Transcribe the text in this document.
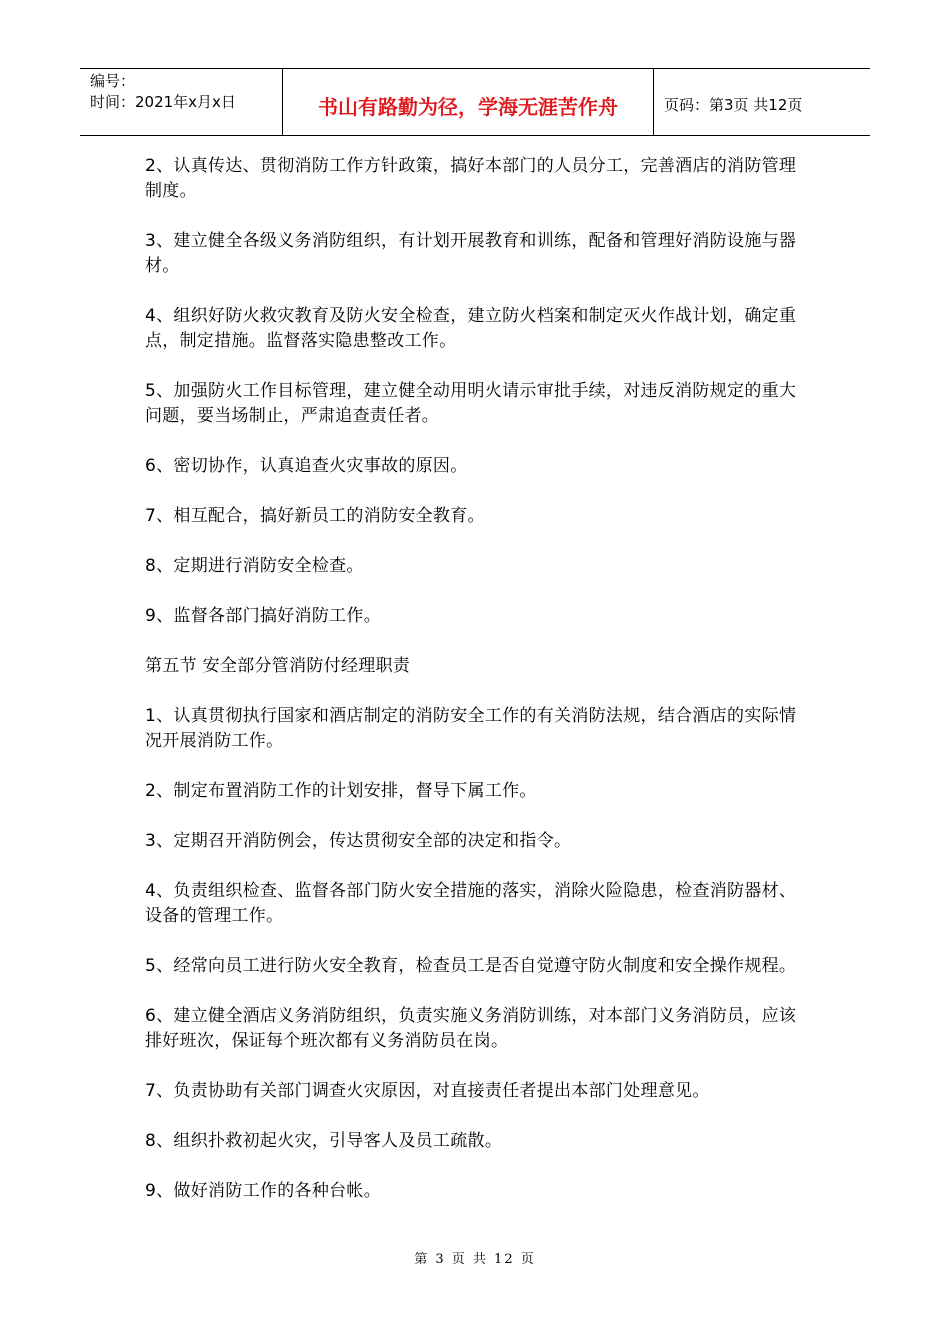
编号：
时间：2021年x月x日	书山有路勤为径，学海无涯苦作舟	页码：第3页 共12页

2、认真传达、贯彻消防工作方针政策，搞好本部门的人员分工，完善酒店的消防管理制度。

3、建立健全各级义务消防组织，有计划开展教育和训练，配备和管理好消防设施与器材。

4、组织好防火救灾教育及防火安全检查，建立防火档案和制定灭火作战计划，确定重点，制定措施。监督落实隐患整改工作。

5、加强防火工作目标管理，建立健全动用明火请示审批手续，对违反消防规定的重大问题，要当场制止，严肃追查责任者。

6、密切协作，认真追查火灾事故的原因。

7、相互配合，搞好新员工的消防安全教育。

8、定期进行消防安全检查。

9、监督各部门搞好消防工作。

第五节 安全部分管消防付经理职责

1、认真贯彻执行国家和酒店制定的消防安全工作的有关消防法规，结合酒店的实际情况开展消防工作。

2、制定布置消防工作的计划安排，督导下属工作。

3、定期召开消防例会，传达贯彻安全部的决定和指令。

4、负责组织检查、监督各部门防火安全措施的落实，消除火险隐患，检查消防器材、设备的管理工作。

5、经常向员工进行防火安全教育，检查员工是否自觉遵守防火制度和安全操作规程。

6、建立健全酒店义务消防组织，负责实施义务消防训练，对本部门义务消防员，应该排好班次，保证每个班次都有义务消防员在岗。

7、负责协助有关部门调查火灾原因，对直接责任者提出本部门处理意见。

8、组织扑救初起火灾，引导客人及员工疏散。

9、做好消防工作的各种台帐。

第 3 页 共 12 页
